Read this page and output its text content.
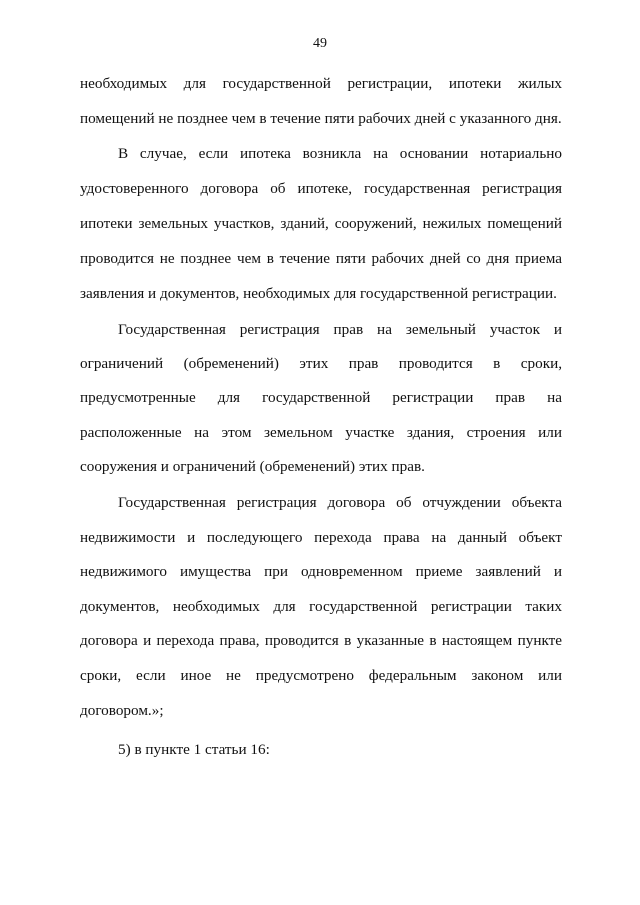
49
необходимых для государственной регистрации, ипотеки жилых
помещений не позднее чем в течение пяти рабочих дней с указанного дня.
В случае, если ипотека возникла на основании нотариально
удостоверенного договора об ипотеке, государственная регистрация
ипотеки земельных участков, зданий, сооружений, нежилых помещений
проводится не позднее чем в течение пяти рабочих дней со дня приема
заявления и документов, необходимых для государственной регистрации.
Государственная регистрация прав на земельный участок и
ограничений (обременений) этих прав проводится в сроки,
предусмотренные для государственной регистрации прав на
расположенные на этом земельном участке здания, строения или
сооружения и ограничений (обременений) этих прав.
Государственная регистрация договора об отчуждении объекта
недвижимости и последующего перехода права на данный объект
недвижимого имущества при одновременном приеме заявлений и
документов, необходимых для государственной регистрации таких
договора и перехода права, проводится в указанные в настоящем пункте
сроки, если иное не предусмотрено федеральным законом или
договором.»;
5) в пункте 1 статьи 16:
